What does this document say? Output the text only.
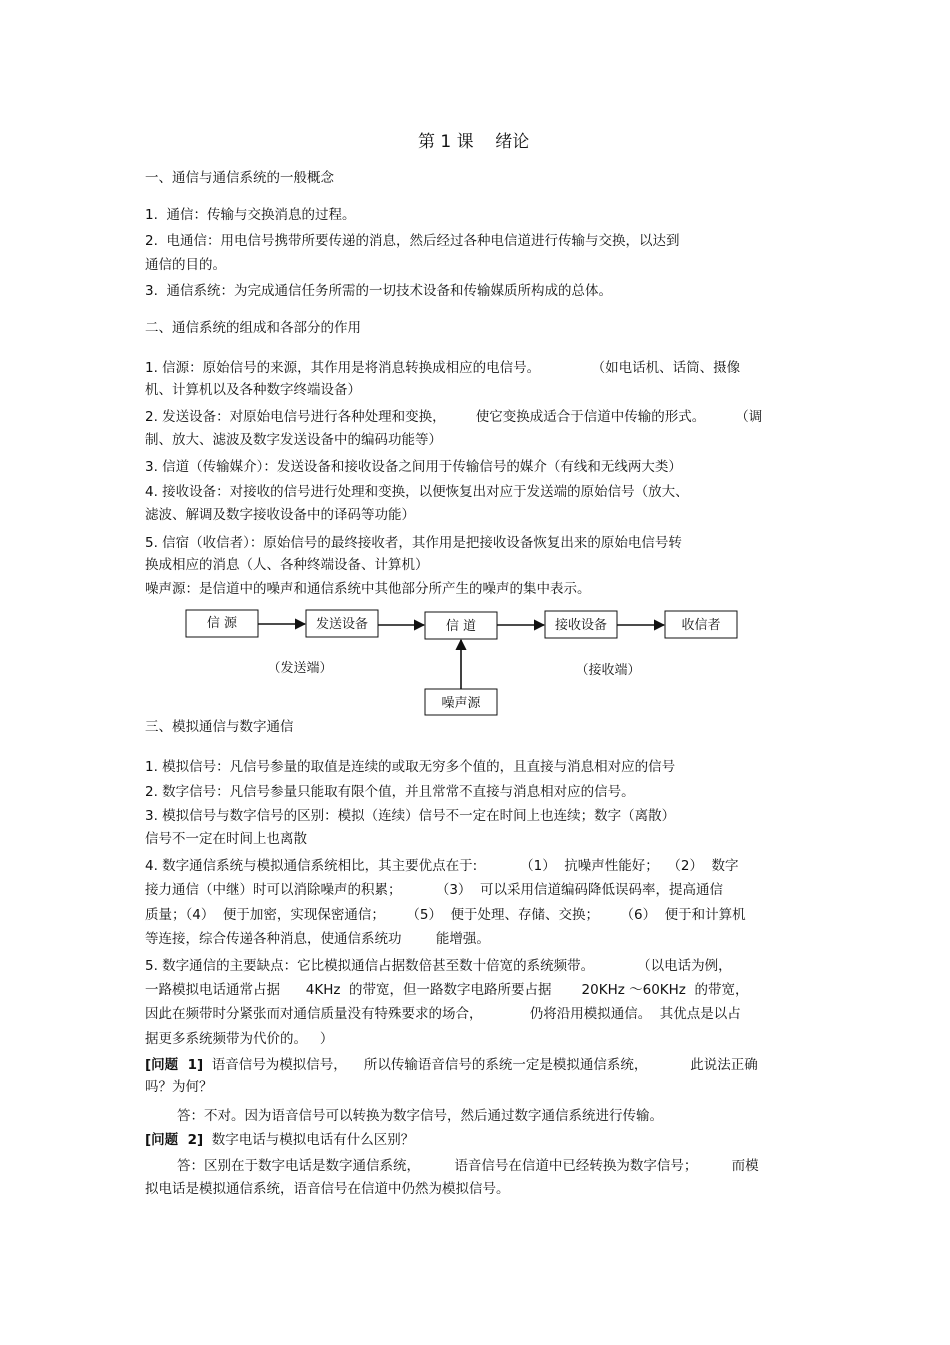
第 1 课    绪论
一、通信与通信系统的一般概念
1.  通信：传输与交换消息的过程。
2.  电通信：用电信号携带所要传递的消息，然后经过各种电信道进行传输与交换，以达到
通信的目的。
3.  通信系统：为完成通信任务所需的一切技术设备和传输媒质所构成的总体。
二、通信系统的组成和各部分的作用
1. 信源：原始信号的来源，其作用是将消息转换成相应的电信号。            （如电话机、话筒、摄像
机、计算机以及各种数字终端设备）
2. 发送设备：对原始电信号进行各种处理和变换，       使它变换成适合于信道中传输的形式。       （调
制、放大、滤波及数字发送设备中的编码功能等）
3. 信道（传输媒介）：发送设备和接收设备之间用于传输信号的媒介（有线和无线两大类）
4. 接收设备：对接收的信号进行处理和变换，以便恢复出对应于发送端的原始信号（放大、
滤波、解调及数字接收设备中的译码等功能）
5. 信宿（收信者）：原始信号的最终接收者，其作用是把接收设备恢复出来的原始电信号转
换成相应的消息（人、各种终端设备、计算机）
噪声源：是信道中的噪声和通信系统中其他部分所产生的噪声的集中表示。
信 源	发送设备	信 道	接收设备	收信者
噪声源
（发送端）	（接收端）
三、模拟通信与数字通信
1. 模拟信号：凡信号参量的取值是连续的或取无穷多个值的，且直接与消息相对应的信号
2. 数字信号：凡信号参量只能取有限个值，并且常常不直接与消息相对应的信号。
3. 模拟信号与数字信号的区别：模拟（连续）信号不一定在时间上也连续；数字（离散）
信号不一定在时间上也离散
4. 数字通信系统与模拟通信系统相比，其主要优点在于:          （1）  抗噪声性能好；  （2）  数字
接力通信（中继）时可以消除噪声的积累；        （3）  可以采用信道编码降低误码率，提高通信
质量；（4）  便于加密，实现保密通信；     （5）  便于处理、存储、交换；     （6）  便于和计算机
等连接，综合传递各种消息，使通信系统功        能增强。
5. 数字通信的主要缺点：它比模拟通信占据数倍甚至数十倍宽的系统频带。          （以电话为例，
一路模拟电话通常占据      4KHz  的带宽，但一路数字电路所要占据       20KHz ～60KHz  的带宽，
因此在频带时分紧张而对通信质量没有特殊要求的场合，           仍将沿用模拟通信。  其优点是以占
据更多系统频带为代价的。   ）
[问题  1]  语音信号为模拟信号，    所以传输语音信号的系统一定是模拟通信系统，          此说法正确
吗？为何？
答：不对。因为语音信号可以转换为数字信号，然后通过数字通信系统进行传输。
[问题  2]  数字电话与模拟电话有什么区别？
答：区别在于数字电话是数字通信系统，        语音信号在信道中已经转换为数字信号；        而模
拟电话是模拟通信系统，语音信号在信道中仍然为模拟信号。
